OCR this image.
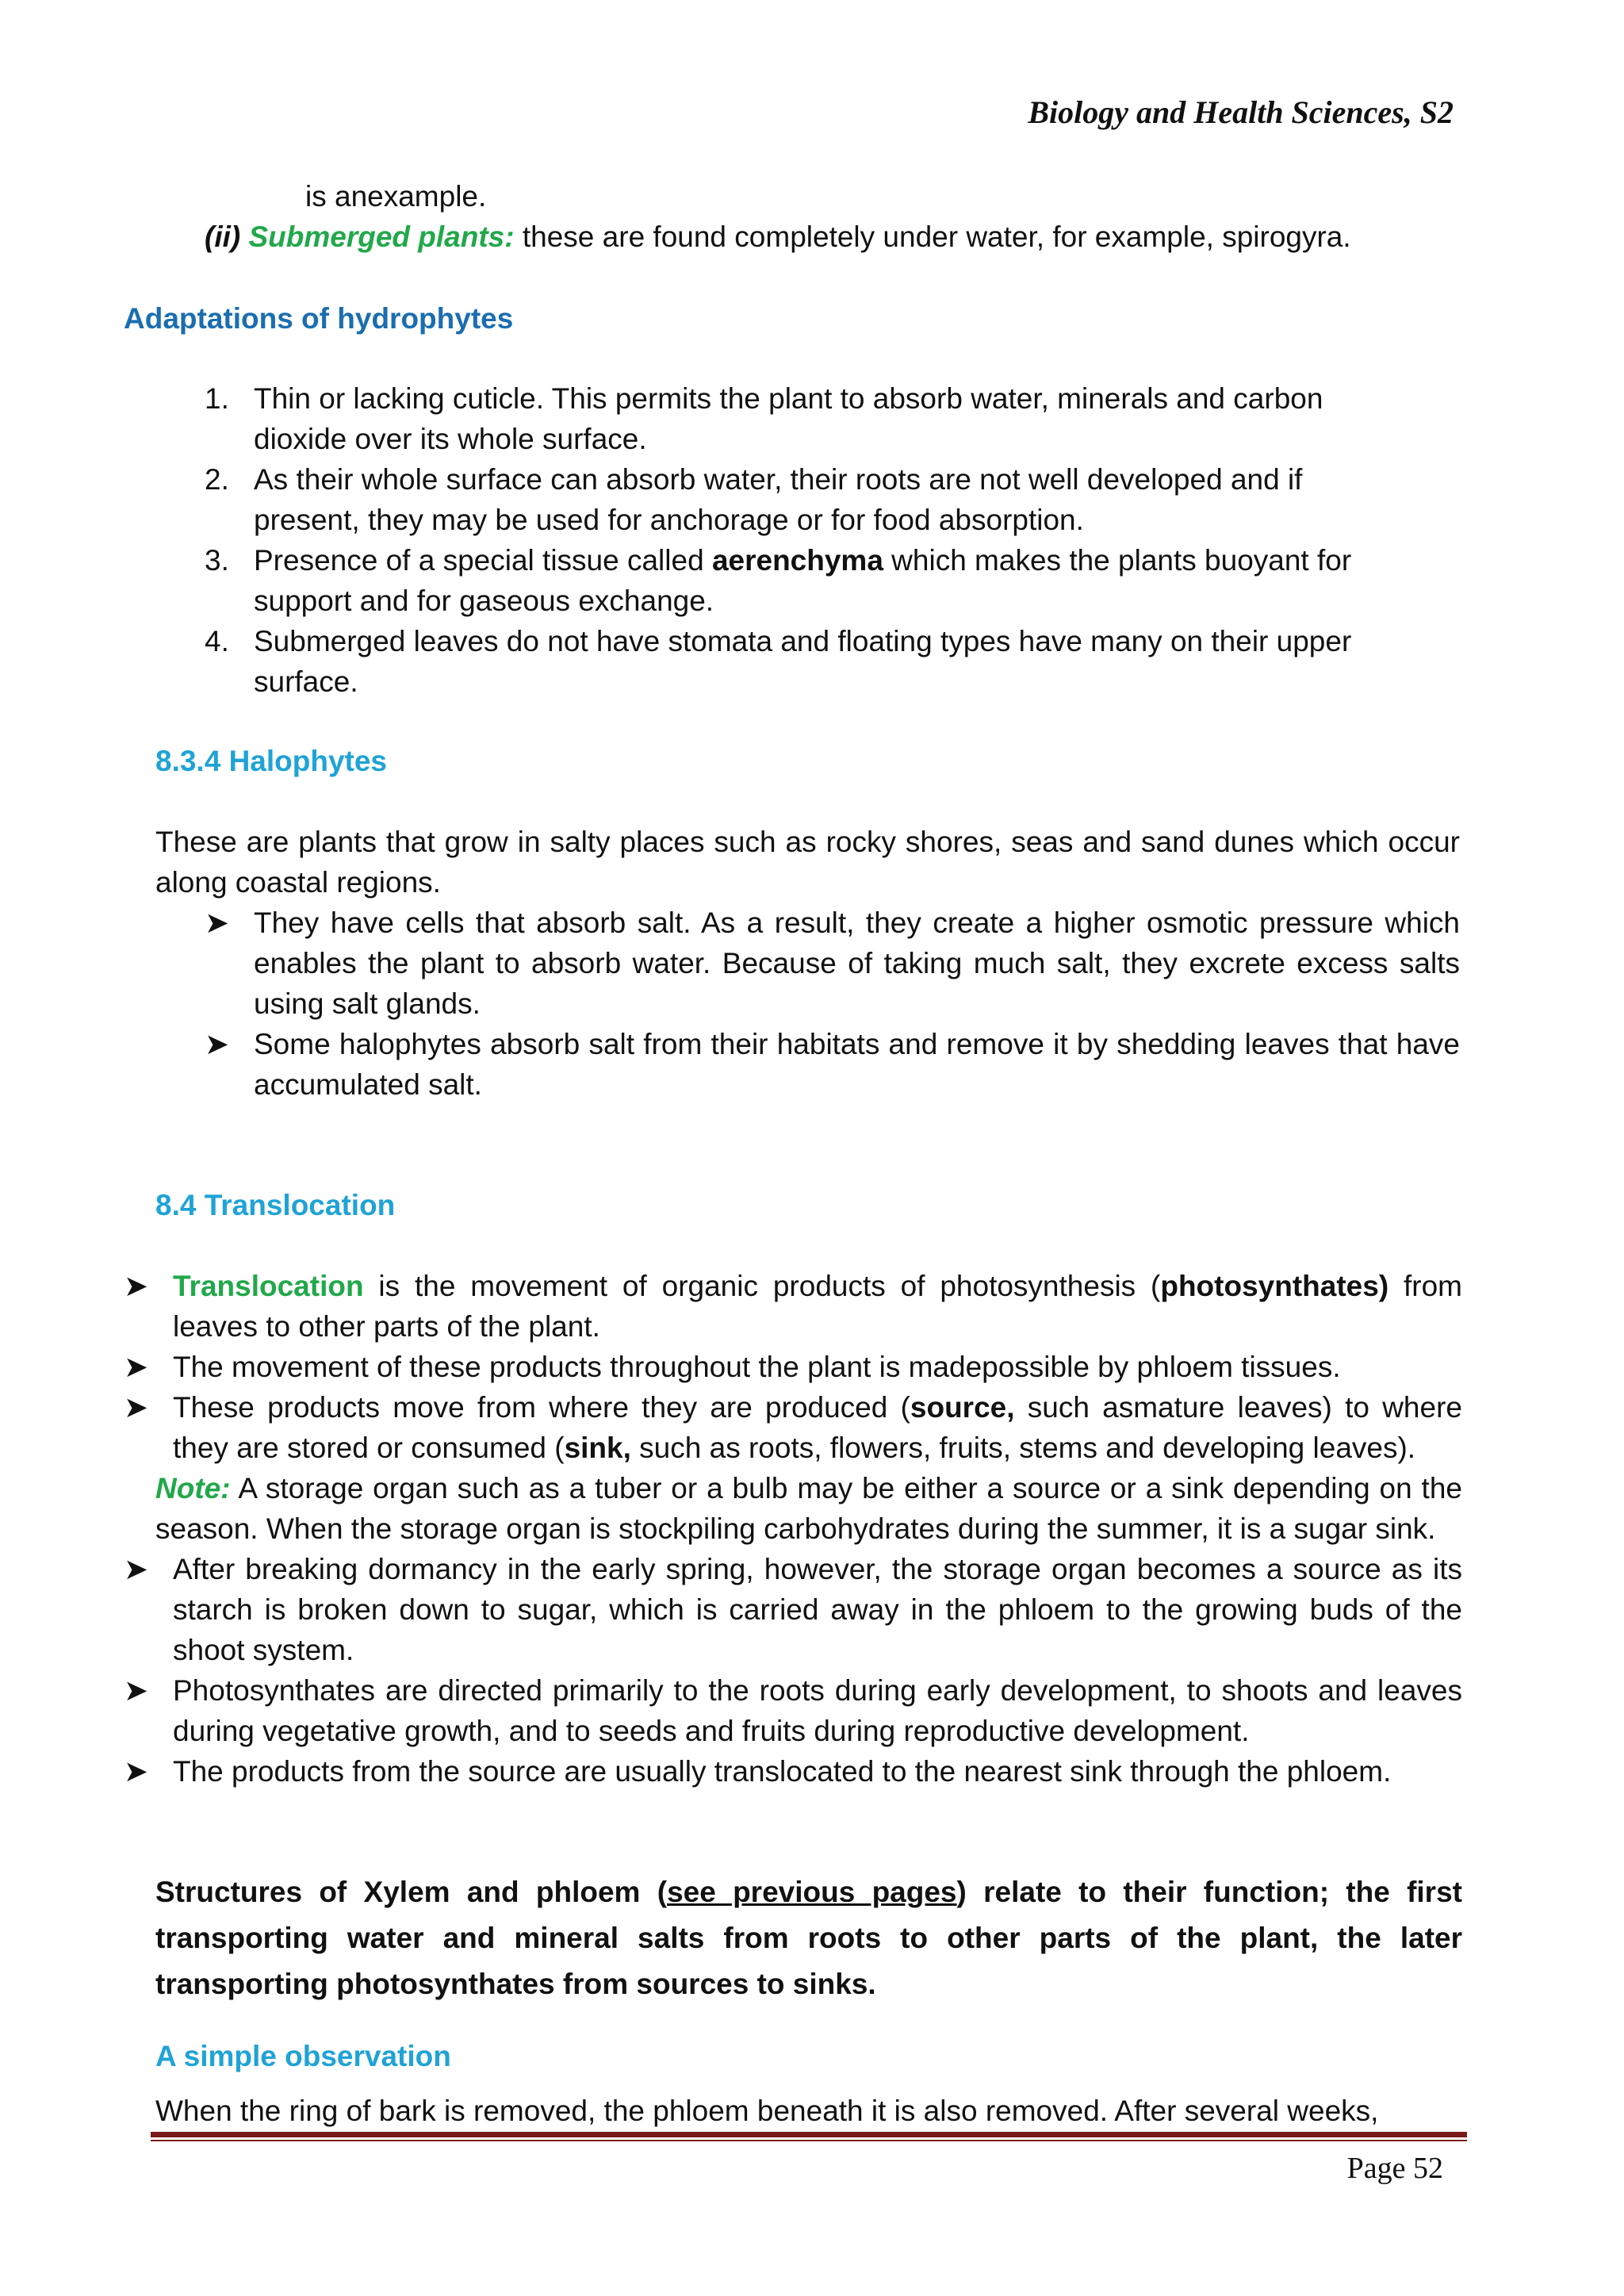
Biology and Health Sciences, S2
is anexample.
(ii) Submerged plants: these are found completely under water, for example, spirogyra.
Adaptations of hydrophytes
1. Thin or lacking cuticle. This permits the plant to absorb water, minerals and carbon dioxide over its whole surface.
2. As their whole surface can absorb water, their roots are not well developed and if present, they may be used for anchorage or for food absorption.
3. Presence of a special tissue called aerenchyma which makes the plants buoyant for support and for gaseous exchange.
4. Submerged leaves do not have stomata and floating types have many on their upper surface.
8.3.4 Halophytes
These are plants that grow in salty places such as rocky shores, seas and sand dunes which occur along coastal regions.
➤ They have cells that absorb salt. As a result, they create a higher osmotic pressure which enables the plant to absorb water. Because of taking much salt, they excrete excess salts using salt glands.
➤ Some halophytes absorb salt from their habitats and remove it by shedding leaves that have accumulated salt.
8.4 Translocation
➤ Translocation is the movement of organic products of photosynthesis (photosynthates) from leaves to other parts of the plant.
➤ The movement of these products throughout the plant is madepossible by phloem tissues.
➤ These products move from where they are produced (source, such asmature leaves) to where they are stored or consumed (sink, such as roots, flowers, fruits, stems and developing leaves).
Note: A storage organ such as a tuber or a bulb may be either a source or a sink depending on the season. When the storage organ is stockpiling carbohydrates during the summer, it is a sugar sink.
➤ After breaking dormancy in the early spring, however, the storage organ becomes a source as its starch is broken down to sugar, which is carried away in the phloem to the growing buds of the shoot system.
➤ Photosynthates are directed primarily to the roots during early development, to shoots and leaves during vegetative growth, and to seeds and fruits during reproductive development.
➤ The products from the source are usually translocated to the nearest sink through the phloem.
Structures of Xylem and phloem (see previous pages) relate to their function; the first transporting water and mineral salts from roots to other parts of the plant, the later transporting photosynthates from sources to sinks.
A simple observation
When the ring of bark is removed, the phloem beneath it is also removed. After several weeks,
Page 52
